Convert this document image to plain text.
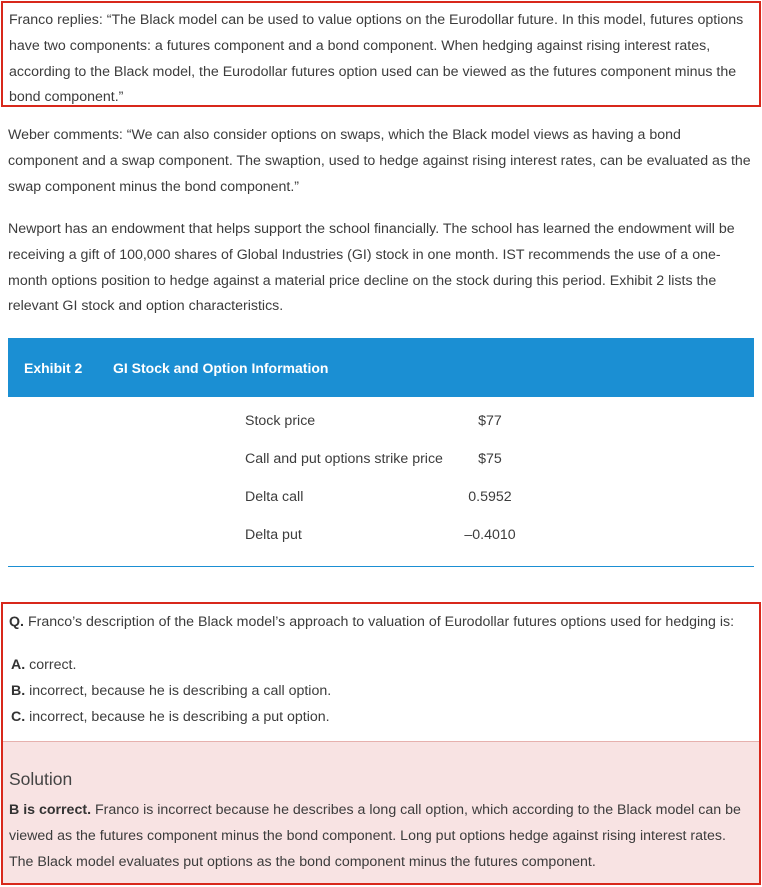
Franco replies: “The Black model can be used to value options on the Eurodollar future. In this model, futures options have two components: a futures component and a bond component. When hedging against rising interest rates, according to the Black model, the Eurodollar futures option used can be viewed as the futures component minus the bond component.”

Weber comments: “We can also consider options on swaps, which the Black model views as having a bond component and a swap component. The swaption, used to hedge against rising interest rates, can be evaluated as the swap component minus the bond component.”

Newport has an endowment that helps support the school financially. The school has learned the endowment will be receiving a gift of 100,000 shares of Global Industries (GI) stock in one month. IST recommends the use of a one-month options position to hedge against a material price decline on the stock during this period. Exhibit 2 lists the relevant GI stock and option characteristics.

Exhibit 2	GI Stock and Option Information
Stock price	$77
Call and put options strike price	$75
Delta call	0.5952
Delta put	–0.4010
Q. Franco’s description of the Black model’s approach to valuation of Eurodollar futures options used for hedging is:
A. correct.
B. incorrect, because he is describing a call option.
C. incorrect, because he is describing a put option.
Solution
B is correct. Franco is incorrect because he describes a long call option, which according to the Black model can be viewed as the futures component minus the bond component. Long put options hedge against rising interest rates. The Black model evaluates put options as the bond component minus the futures component.
